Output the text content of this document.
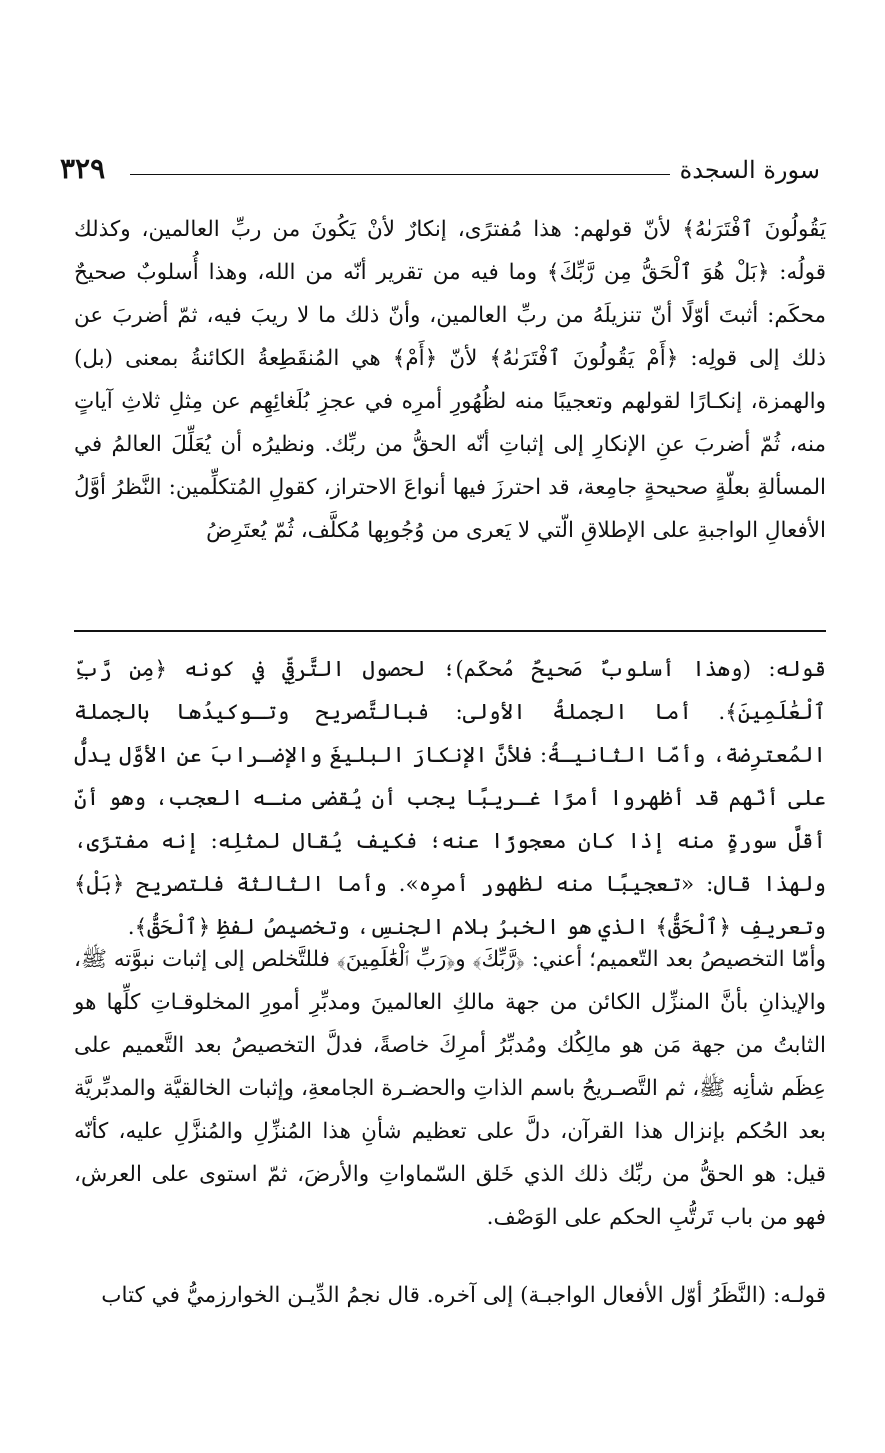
سورة السجدة
٣٢٩

يَقُولُونَ ٱفْتَرَىٰهُ﴾ لأنّ قولهم: هذا مُفترًى، إنكارٌ لأنْ يَكُونَ من ربِّ العالمين، وكذلك قولُه: ﴿بَلْ هُوَ ٱلْحَقُّ مِن رَّبِّكَ﴾ وما فيه من تقرير أنّه من الله، وهذا أُسلوبٌ صحيحٌ محكَم: أثبتَ أوّلًا أنّ تنزيلَهُ من ربِّ العالمين، وأنّ ذلك ما لا ريبَ فيه، ثمّ أضربَ عن ذلك إلى قولِه: ﴿أَمْ يَقُولُونَ ٱفْتَرَىٰهُ﴾ لأنّ ﴿أَمْ﴾ هي المُنقَطِعةُ الكائنةُ بمعنى (بل) والهمزة، إنكـارًا لقولهم وتعجيبًا منه لظُهُورِ أمرِه في عجزِ بُلَغائِهِم عن مِثلِ ثلاثِ آياتٍ منه، ثُمّ أضربَ عنِ الإنكارِ إلى إثباتِ أنّه الحقُّ من ربِّك. ونظيرُه أن يُعَلِّلَ العالمُ في المسألةِ بعلّةٍ صحيحةٍ جامِعة، قد احترزَ فيها أنواعَ الاحتراز، كقولِ المُتكلِّمين: النَّظرُ أوَّلُ الأفعالِ الواجبةِ على الإطلاقِ الّتي لا يَعرى من وُجُوبِها مُكلَّف، ثُمّ يُعتَرِضُ

قوله: (وهذا أسلوبٌ صَحيحٌ مُحكَم)؛ لحصول التَّرقِّي في كونه ﴿مِن رَّبِّ ٱلْعَٰلَمِينَ﴾. أما الجملةُ الأولى: فبالتَّصريح وتـوكيدُها بالجملة المُعترِضة، وأمّا الثانيـةُ: فلأنَّ الإنكارَ البليغَ والإضـرابَ عن الأوَّل يدلُّ على أنّهم قد أظهروا أمرًا غـريبًا يجب أن يُقضى منـه العجب، وهو أنّ أقلَّ سورةٍ منه إذا كان معجوزًا عنه؛ فكيف يُقال لمثلِه: إنه مفترًى، ولهذا قال: «تعجيبًا منه لظهور أمرِه». وأما الثالثة فلتصريح ﴿بَلْ﴾ وتعريفِ ﴿ٱلْحَقُّ﴾ الذي هو الخبرُ بلام الجنسِ، وتخصيصُ لفظِ ﴿ٱلْحَقُّ﴾.

وأمّا التخصيصُ بعد التّعميم؛ أعني: ﴿رَّبِّكَ﴾ و﴿رَبِّ ٱلْعَٰلَمِينَ﴾ فللتَّخلص إلى إثبات نبوَّته ﷺ، والإيذانِ بأنَّ المنزِّل الكائن من جهة مالكِ العالمينَ ومدبِّرِ أمورِ المخلوقـاتِ كلِّها هو الثابتُ من جهة مَن هو مالِكُك ومُدبِّرُ أمرِكَ خاصةً، فدلَّ التخصيصُ بعد التَّعميم على عِظَم شأنِه ﷺ، ثم التَّصـريحُ باسم الذاتِ والحضـرة الجامعةِ، وإثبات الخالقيَّة والمدبِّريَّة بعد الحُكم بإنزال هذا القرآن، دلَّ على تعظيم شأنِ هذا المُنزِّلِ والمُنزَّلِ عليه، كأنّه قيل: هو الحقُّ من ربِّك ذلك الذي خَلق السّماواتِ والأرضَ، ثمّ استوى على العرش، فهو من باب تَرتُّبِ الحكم على الوَصْف.

قولـه: (النَّظَرُ أوّل الأفعال الواجبـة) إلى آخره. قال نجمُ الدِّيـن الخوارزميُّ في كتاب
